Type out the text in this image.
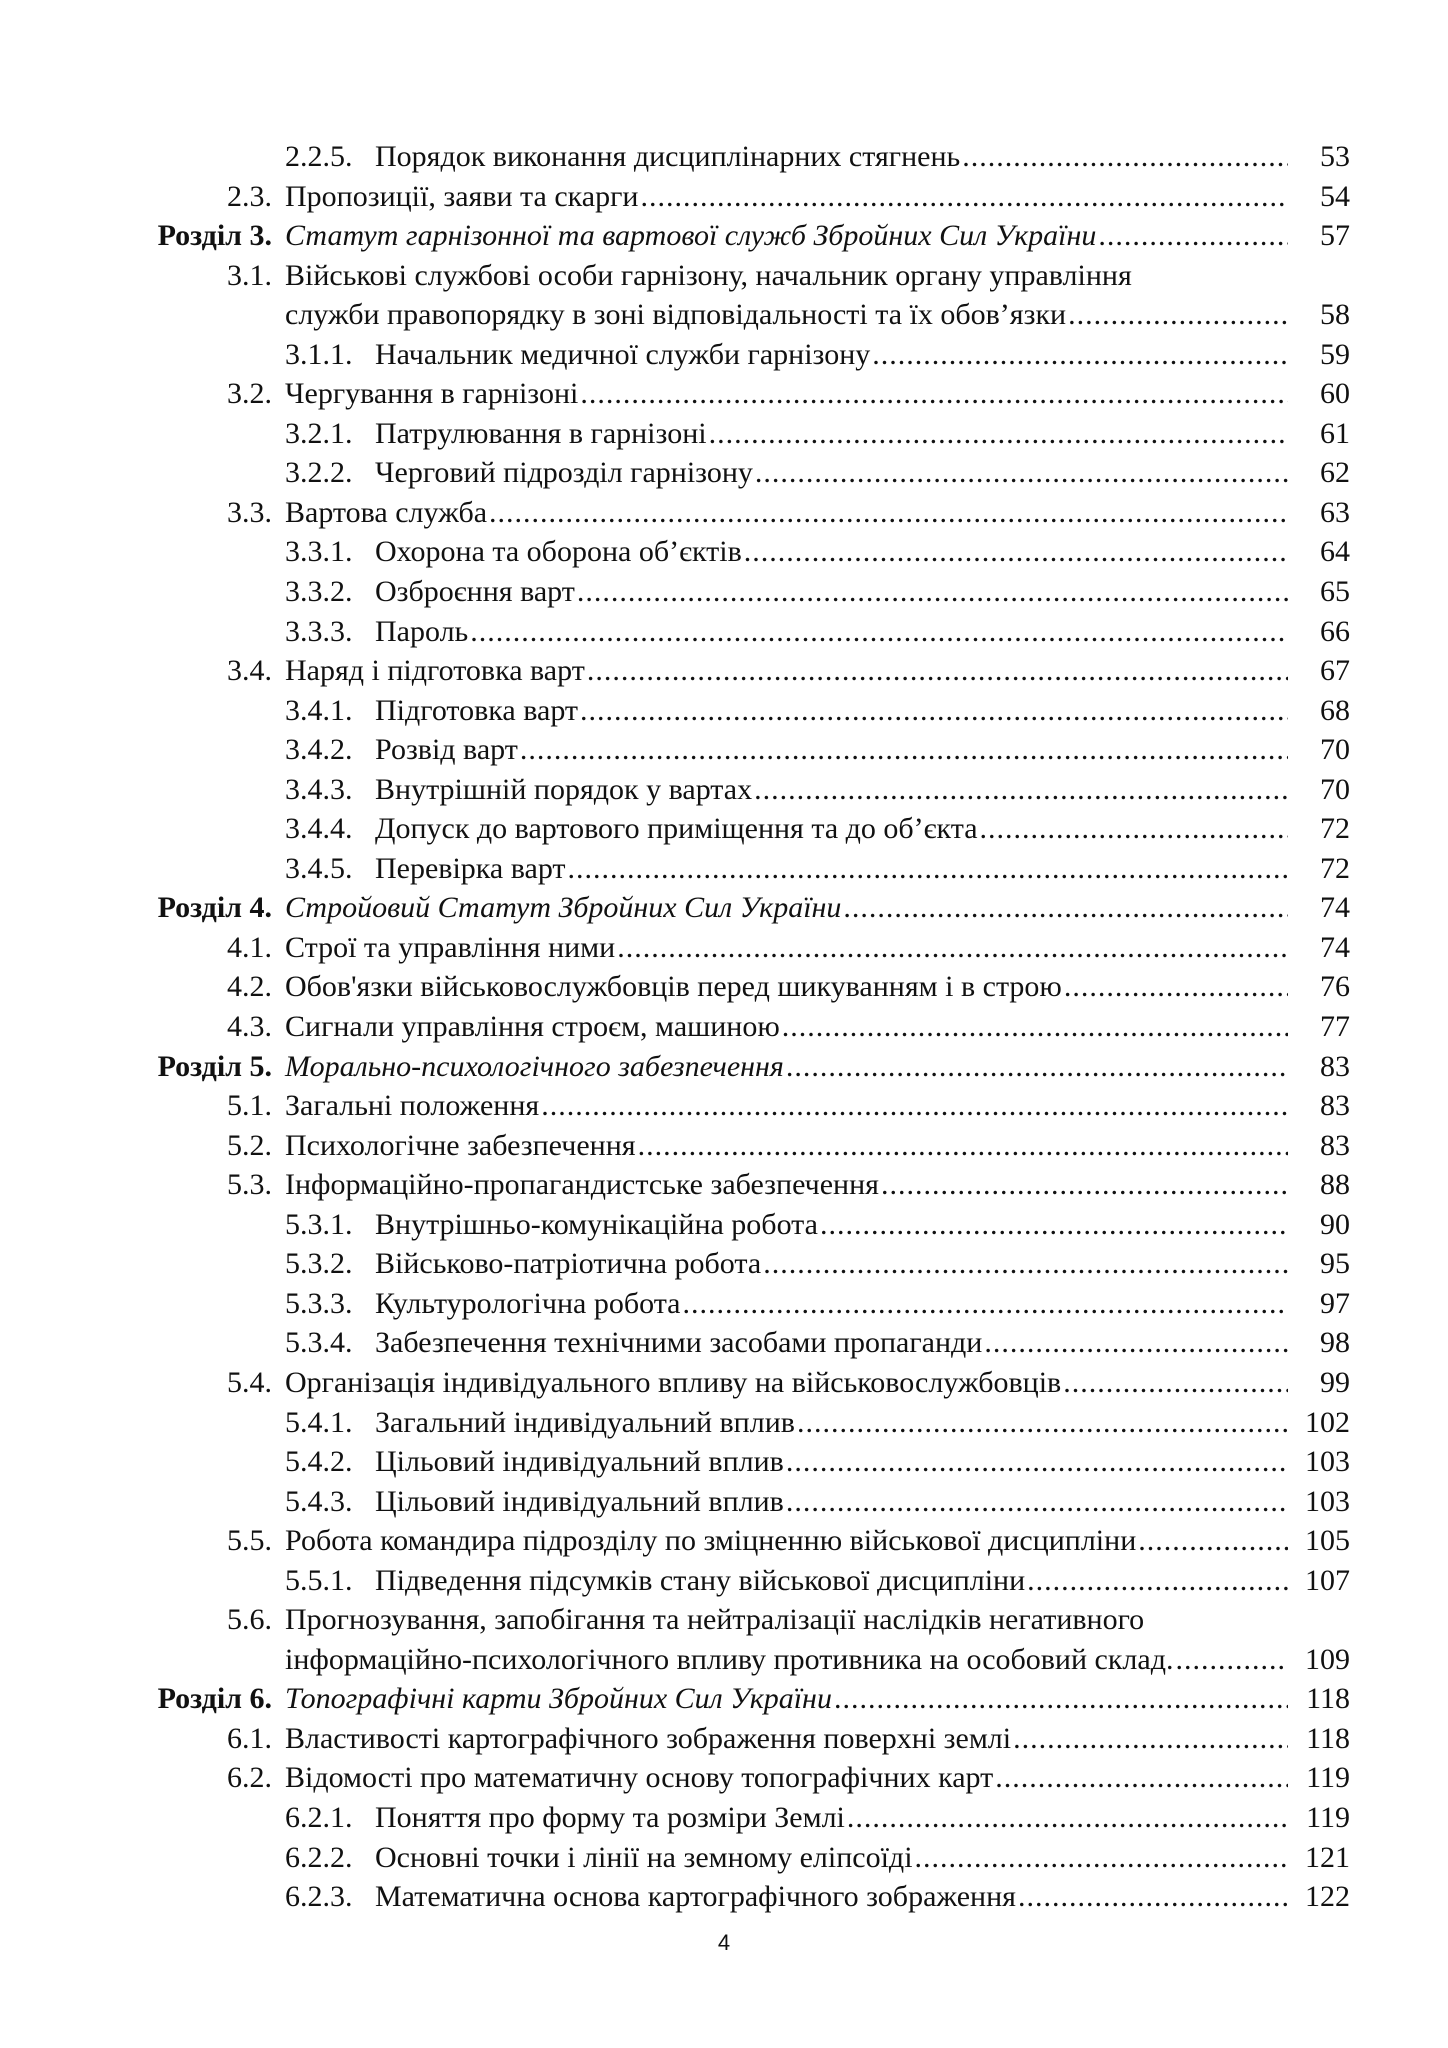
2.2.5. Порядок виконання дисциплінарних стягнень .....	53
2.3. Пропозиції, заяви та скарги .....	54
Розділ 3. Статут гарнізонної та вартової служб Збройних Сил України .....	57
3.1. Військові службові особи гарнізону, начальник органу управління
служби правопорядку в зоні відповідальності та їх обов’язки .....	58
3.1.1. Начальник медичної служби гарнізону .....	59
3.2. Чергування в гарнізоні .....	60
3.2.1. Патрулювання в гарнізоні .....	61
3.2.2. Черговий підрозділ гарнізону .....	62
3.3. Вартова служба .....	63
3.3.1. Охорона та оборона об’єктів .....	64
3.3.2. Озброєння варт .....	65
3.3.3. Пароль .....	66
3.4. Наряд і підготовка варт .....	67
3.4.1. Підготовка варт .....	68
3.4.2. Розвід варт .....	70
3.4.3. Внутрішній порядок у вартах .....	70
3.4.4. Допуск до вартового приміщення та до об’єкта .....	72
3.4.5. Перевірка варт .....	72
Розділ 4. Стройовий Статут Збройних Сил України .....	74
4.1. Строї та управління ними .....	74
4.2. Обов'язки військовослужбовців перед шикуванням і в строю .....	76
4.3. Сигнали управління строєм, машиною .....	77
Розділ 5. Морально-психологічного забезпечення .....	83
5.1. Загальні положення .....	83
5.2. Психологічне забезпечення .....	83
5.3. Інформаційно-пропагандистське забезпечення .....	88
5.3.1. Внутрішньо-комунікаційна робота .....	90
5.3.2. Військово-патріотична робота .....	95
5.3.3. Культурологічна робота .....	97
5.3.4. Забезпечення технічними засобами пропаганди .....	98
5.4. Організація індивідуального впливу на військовослужбовців .....	99
5.4.1. Загальний індивідуальний вплив .....	102
5.4.2. Цільовий індивідуальний вплив .....	103
5.4.3. Цільовий індивідуальний вплив .....	103
5.5. Робота командира підрозділу по зміцненню військової дисципліни .....	105
5.5.1. Підведення підсумків стану військової дисципліни .....	107
5.6. Прогнозування, запобігання та нейтралізації наслідків негативного
інформаційно-психологічного впливу противника на особовий склад. .....	109
Розділ 6. Топографічні карти Збройних Сил України .....	118
6.1. Властивості картографічного зображення поверхні землі .....	118
6.2. Відомості про математичну основу топографічних карт .....	119
6.2.1. Поняття про форму та розміри Землі .....	119
6.2.2. Основні точки і лінії на земному еліпсоїді .....	121
6.2.3. Математична основа картографічного зображення .....	122
4
